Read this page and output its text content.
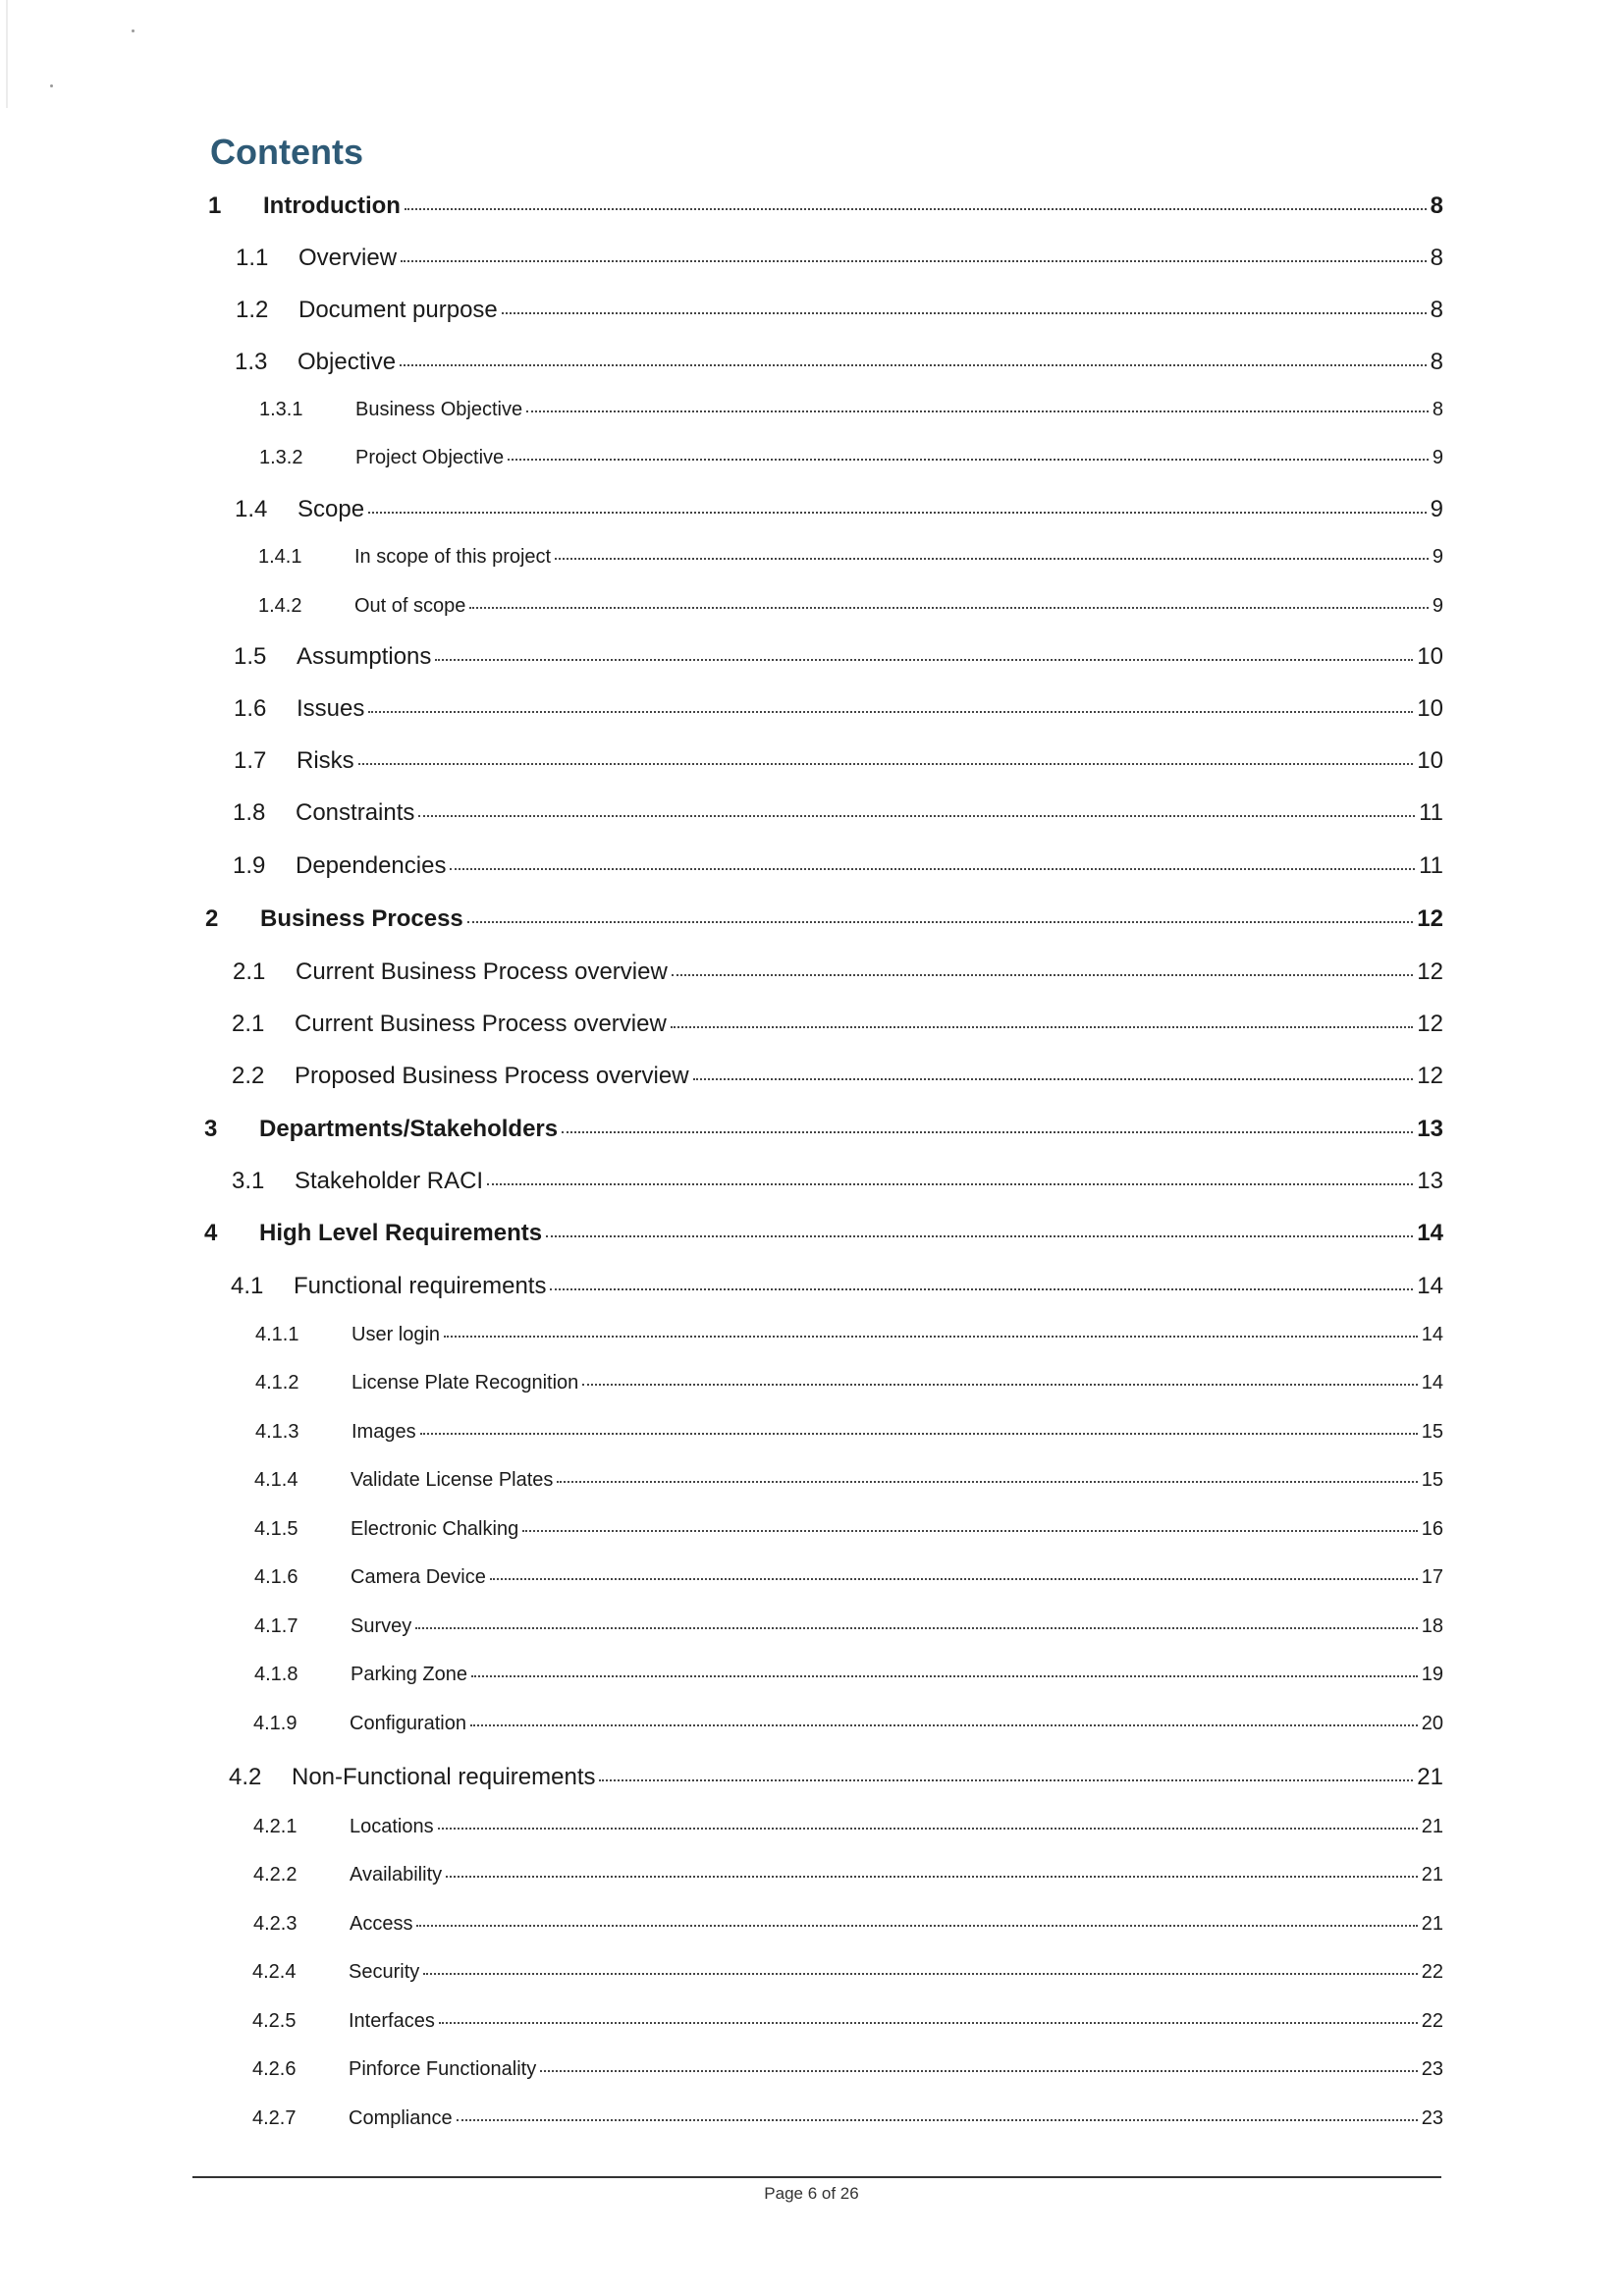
Contents
1	Introduction	8
1.1	Overview	8
1.2	Document purpose	8
1.3	Objective	8
1.3.1	Business Objective	8
1.3.2	Project Objective	9
1.4	Scope	9
1.4.1	In scope of this project	9
1.4.2	Out of scope	9
1.5	Assumptions	10
1.6	Issues	10
1.7	Risks	10
1.8	Constraints	11
1.9	Dependencies	11
2	Business Process	12
2.1	Current Business Process overview	12
2.1	Current Business Process overview	12
2.2	Proposed Business Process overview	12
3	Departments/Stakeholders	13
3.1	Stakeholder RACI	13
4	High Level Requirements	14
4.1	Functional requirements	14
4.1.1	User login	14
4.1.2	License Plate Recognition	14
4.1.3	Images	15
4.1.4	Validate License Plates	15
4.1.5	Electronic Chalking	16
4.1.6	Camera Device	17
4.1.7	Survey	18
4.1.8	Parking Zone	19
4.1.9	Configuration	20
4.2	Non-Functional requirements	21
4.2.1	Locations	21
4.2.2	Availability	21
4.2.3	Access	21
4.2.4	Security	22
4.2.5	Interfaces	22
4.2.6	Pinforce Functionality	23
4.2.7	Compliance	23
Page 6 of 26
